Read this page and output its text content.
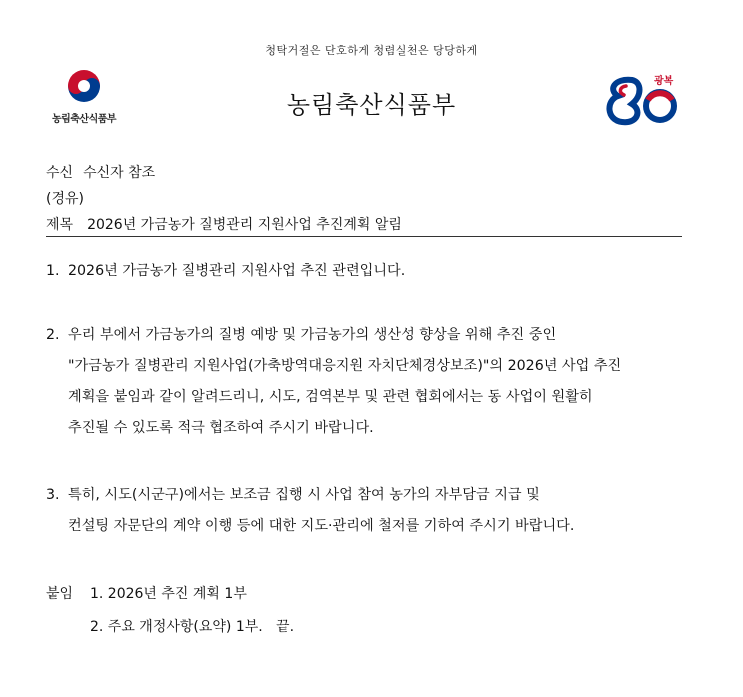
청탁거절은 단호하게 청렴실천은 당당하게
농림축산식품부
농림축산식품부
광복
수신 수신자 참조
(경유)
제목 2026년 가금농가 질병관리 지원사업 추진계획 알림
1. 2026년 가금농가 질병관리 지원사업 추진 관련입니다.
2. 우리 부에서 가금농가의 질병 예방 및 가금농가의 생산성 향상을 위해 추진 중인
"가금농가 질병관리 지원사업(가축방역대응지원 자치단체경상보조)"의 2026년 사업 추진
계획을 붙임과 같이 알려드리니, 시도, 검역본부 및 관련 협회에서는 동 사업이 원활히
추진될 수 있도록 적극 협조하여 주시기 바랍니다.
3. 특히, 시도(시군구)에서는 보조금 집행 시 사업 참여 농가의 자부담금 지급 및
컨설팅 자문단의 계약 이행 등에 대한 지도·관리에 철저를 기하여 주시기 바랍니다.
붙임 1. 2026년 추진 계획 1부
2. 주요 개정사항(요약) 1부.   끝.
